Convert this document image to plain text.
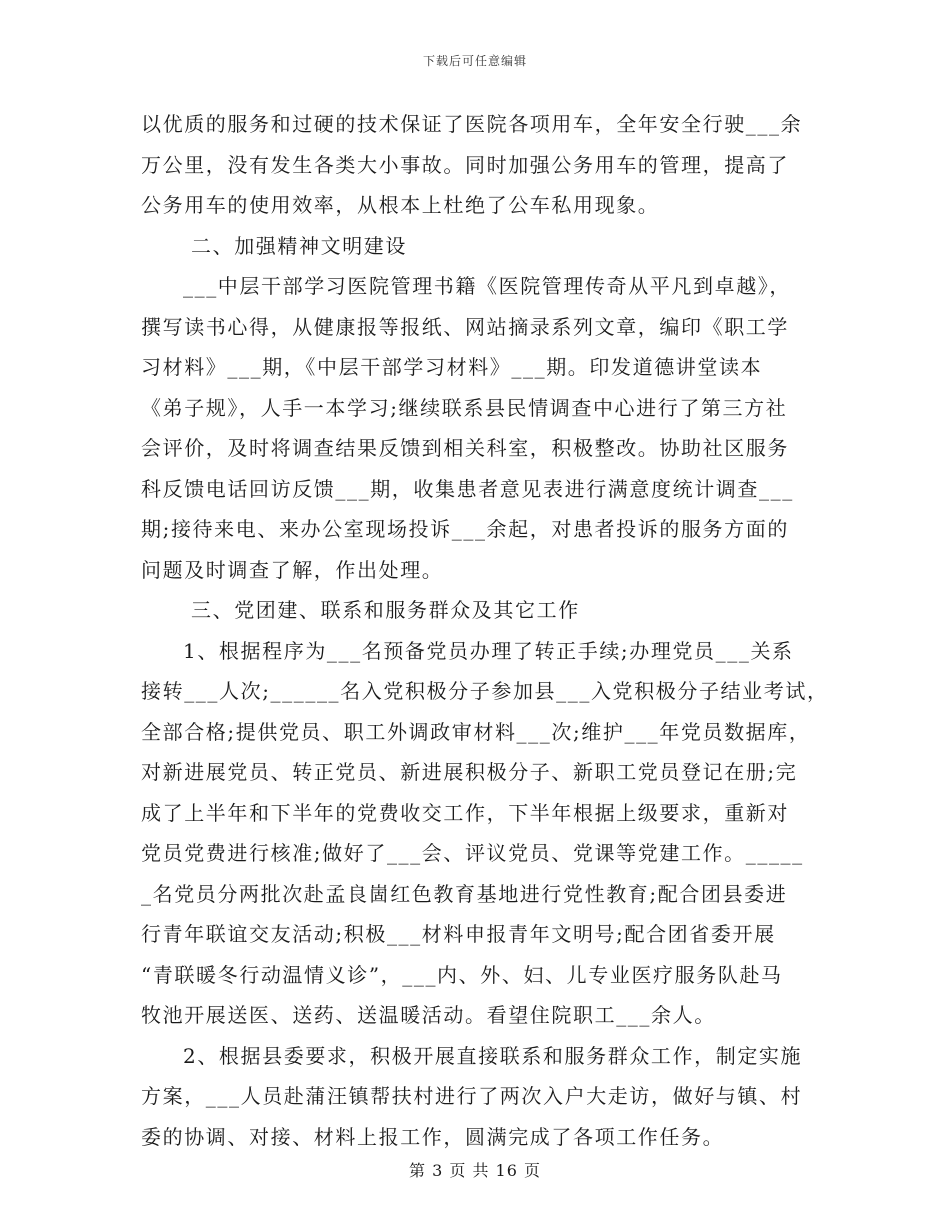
下载后可任意编辑
以优质的服务和过硬的技术保证了医院各项用车，全年安全行驶___余
万公里，没有发生各类大小事故。同时加强公务用车的管理，提高了
公务用车的使用效率，从根本上杜绝了公车私用现象。
二、加强精神文明建设
___中层干部学习医院管理书籍《医院管理传奇从平凡到卓越》，
撰写读书心得，从健康报等报纸、网站摘录系列文章，编印《职工学
习材料》___期，《中层干部学习材料》___期。印发道德讲堂读本
《弟子规》，人手一本学习;继续联系县民情调查中心进行了第三方社
会评价，及时将调查结果反馈到相关科室，积极整改。协助社区服务
科反馈电话回访反馈___期，收集患者意见表进行满意度统计调查___
期;接待来电、来办公室现场投诉___余起，对患者投诉的服务方面的
问题及时调查了解，作出处理。
三、党团建、联系和服务群众及其它工作
1、根据程序为___名预备党员办理了转正手续;办理党员___关系
接转___人次;______名入党积极分子参加县___入党积极分子结业考试，
全部合格;提供党员、职工外调政审材料___次;维护___年党员数据库，
对新进展党员、转正党员、新进展积极分子、新职工党员登记在册;完
成了上半年和下半年的党费收交工作，下半年根据上级要求，重新对
党员党费进行核准;做好了___会、评议党员、党课等党建工作。_____
_名党员分两批次赴孟良崮红色教育基地进行党性教育;配合团县委进
行青年联谊交友活动;积极___材料申报青年文明号;配合团省委开展
“青联暖冬行动温情义诊”，___内、外、妇、儿专业医疗服务队赴马
牧池开展送医、送药、送温暖活动。看望住院职工___余人。
2、根据县委要求，积极开展直接联系和服务群众工作，制定实施
方案，___人员赴蒲汪镇帮扶村进行了两次入户大走访，做好与镇、村
委的协调、对接、材料上报工作，圆满完成了各项工作任务。
第 3 页 共 16 页
